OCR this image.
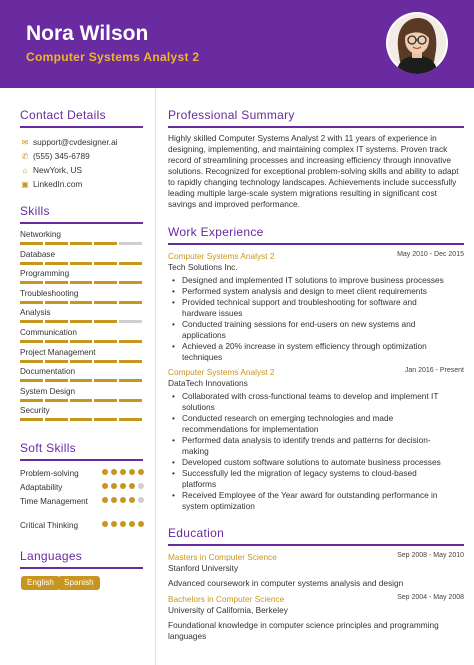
Nora Wilson
Computer Systems Analyst 2
Contact Details
✉ support@cvdesigner.ai
✆ (555) 345-6789
⌂ NewYork, US
▣ LinkedIn.com
Skills
Networking
Database
Programming
Troubleshooting
Analysis
Communication
Project Management
Documentation
System Design
Security
Soft Skills
Problem-solving
Adaptability
Time Management
Critical Thinking
Languages
English	Spanish
Professional Summary
Highly skilled Computer Systems Analyst 2 with 11 years of experience in designing, implementing, and maintaining complex IT systems. Proven track record of streamlining processes and increasing efficiency through innovative solutions. Recognized for exceptional problem-solving skills and ability to adapt to rapidly changing technology landscapes. Achievements include successfully leading multiple large-scale system migrations resulting in significant cost savings and improved performance.
Work Experience
Computer Systems Analyst 2	May 2010 - Dec 2015
Tech Solutions Inc.
• Designed and implemented IT solutions to improve business processes
• Performed system analysis and design to meet client requirements
• Provided technical support and troubleshooting for software and hardware issues
• Conducted training sessions for end-users on new systems and applications
• Achieved a 20% increase in system efficiency through optimization techniques
Computer Systems Analyst 2	Jan 2016 - Present
DataTech Innovations
• Collaborated with cross-functional teams to develop and implement IT solutions
• Conducted research on emerging technologies and made recommendations for implementation
• Performed data analysis to identify trends and patterns for decision-making
• Developed custom software solutions to automate business processes
• Successfully led the migration of legacy systems to cloud-based platforms
• Received Employee of the Year award for outstanding performance in system optimization
Education
Masters in Computer Science	Sep 2008 - May 2010
Stanford University
Advanced coursework in computer systems analysis and design
Bachelors in Computer Science	Sep 2004 - May 2008
University of California, Berkeley
Foundational knowledge in computer science principles and programming languages
